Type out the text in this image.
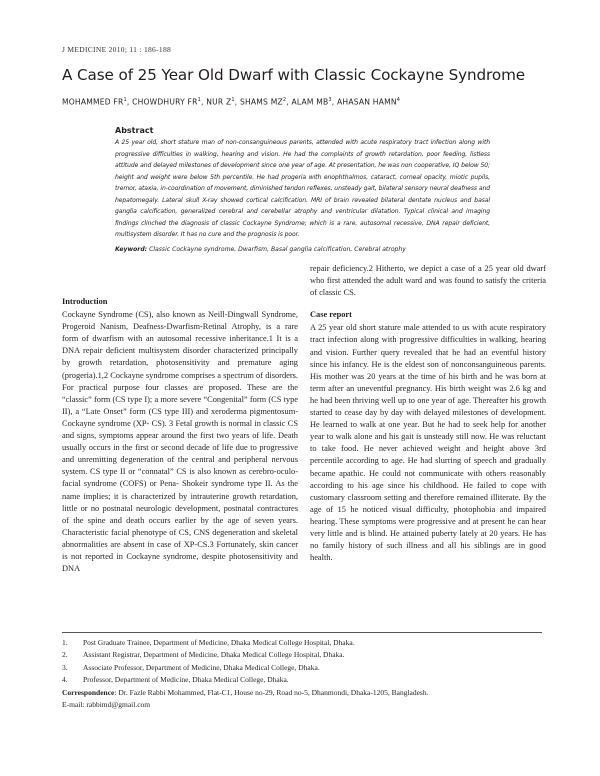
J MEDICINE 2010; 11 : 186-188
A Case of 25 Year Old Dwarf with Classic Cockayne Syndrome
MOHAMMED $FR^1$, CHOWDHURY $FR^1$, NUR $Z^1$, SHAMS $MZ^2$, ALAM $MB^3$, AHASAN HAMN$^4$
Abstract

A 25 year old, short stature man of non-consanguineous parents, attended with acute respiratory tract infection along with progressive difficulties in walking, hearing and vision. He had the complaints of growth retardation, poor feeding, listless attitude and delayed milestones of development since one year of age. At presentation, he was non cooperative, IQ below 50; height and weight were below 5th percentile. He had progeria with enophthalmos, cataract, corneal opacity, miotic pupils, tremor, ataxia, in-coordination of movement, diminished tendon reflexes, unsteady gait, bilateral sensory neural deafness and hepatomegaly. Lateral skull X-ray showed cortical calcification. MRI of brain revealed bilateral dentate nucleus and basal ganglia calcification, generalized cerebral and cerebellar atrophy and ventricular dilatation. Typical clinical and imaging findings clinched the diagnosis of classic Cockayne Syndrome; which is a rare, autosomal recessive, DNA repair deficient, multisystem disorder. It has no cure and the prognosis is poor.

Keyword: Classic Cockayne syndrome, Dwarfism, Basal ganglia calcification, Cerebral atrophy
Introduction

Cockayne Syndrome (CS), also known as Neill-Dingwall Syndrome, Progeroid Nanism, Deafness-Dwarfism-Retinal Atrophy, is a rare form of dwarfism with an autosomal recessive inheritance.1 It is a DNA repair deficient multisystem disorder characterized principally by growth retardation, photosensitivity and premature aging (progeria).1,2 Cockayne syndrome comprises a spectrum of disorders. For practical purpose four classes are proposed. These are the “classic” form (CS type I); a more severe “Congenital” form (CS type II), a “Late Onset” form (CS type III) and xeroderma pigmentosum-Cockayne syndrome (XP- CS). 3 Fetal growth is normal in classic CS and signs, symptoms appear around the first two years of life. Death usually occurs in the first or second decade of life due to progressive and unremitting degeneration of the central and peripheral nervous system. CS type II or “connatal” CS is also known as cerebro-oculo-facial syndrome (COFS) or Pena- Shokeir syndrome type II. As the name implies; it is characterized by intrauterine growth retardation, little or no postnatal neurologic development, postnatal contractures of the spine and death occurs earlier by the age of seven years. Characteristic facial phenotype of CS, CNS degeneration and skeletal abnormalities are absent in case of XP-CS.3 Fortunately, skin cancer is not reported in Cockayne syndrome, despite photosensitivity and DNA

repair deficiency.2 Hitherto, we depict a case of a 25 year old dwarf who first attended the adult ward and was found to satisfy the criteria of classic CS.

Case report

A 25 year old short stature male attended to us with acute respiratory tract infection along with progressive difficulties in walking, hearing and vision. Further query revealed that he had an eventful history since his infancy. He is the eldest son of nonconsanguineous parents. His mother was 20 years at the time of his birth and he was born at term after an uneventful pregnancy. His birth weight was 2.6 kg and he had been thriving well up to one year of age. Thereafter his growth started to cease day by day with delayed milestones of development. He learned to walk at one year. But he had to seek help for another year to walk alone and his gait is unsteady still now. He was reluctant to take food. He never achieved weight and height above 3rd percentile according to age. He had slurring of speech and gradually became apathic. He could not communicate with others reasonably according to his age since his childhood. He failed to cope with customary classroom setting and therefore remained illiterate. By the age of 15 he noticed visual difficulty, photophobia and impaired hearing. These symptoms were progressive and at present he can hear very little and is blind. He attained puberty lately at 20 years. He has no family history of such illness and all his siblings are in good health.

1.	Post Graduate Trainee, Department of Medicine, Dhaka Medical College Hospital, Dhaka.
2.	Assistant Registrar, Department of Medicine, Dhaka Medical College Hospital, Dhaka.
3.	Associate Professor, Department of Medicine, Dhaka Medical College, Dhaka.
4.	Professor, Department of Medicine, Dhaka Medical College, Dhaka.
Correspondence: Dr. Fazle Rabbi Mohammed, Flat-C1, House no-29, Road no-5, Dhanmondi, Dhaka-1205, Bangladesh.
E-mail: rabbimd@gmail.com
